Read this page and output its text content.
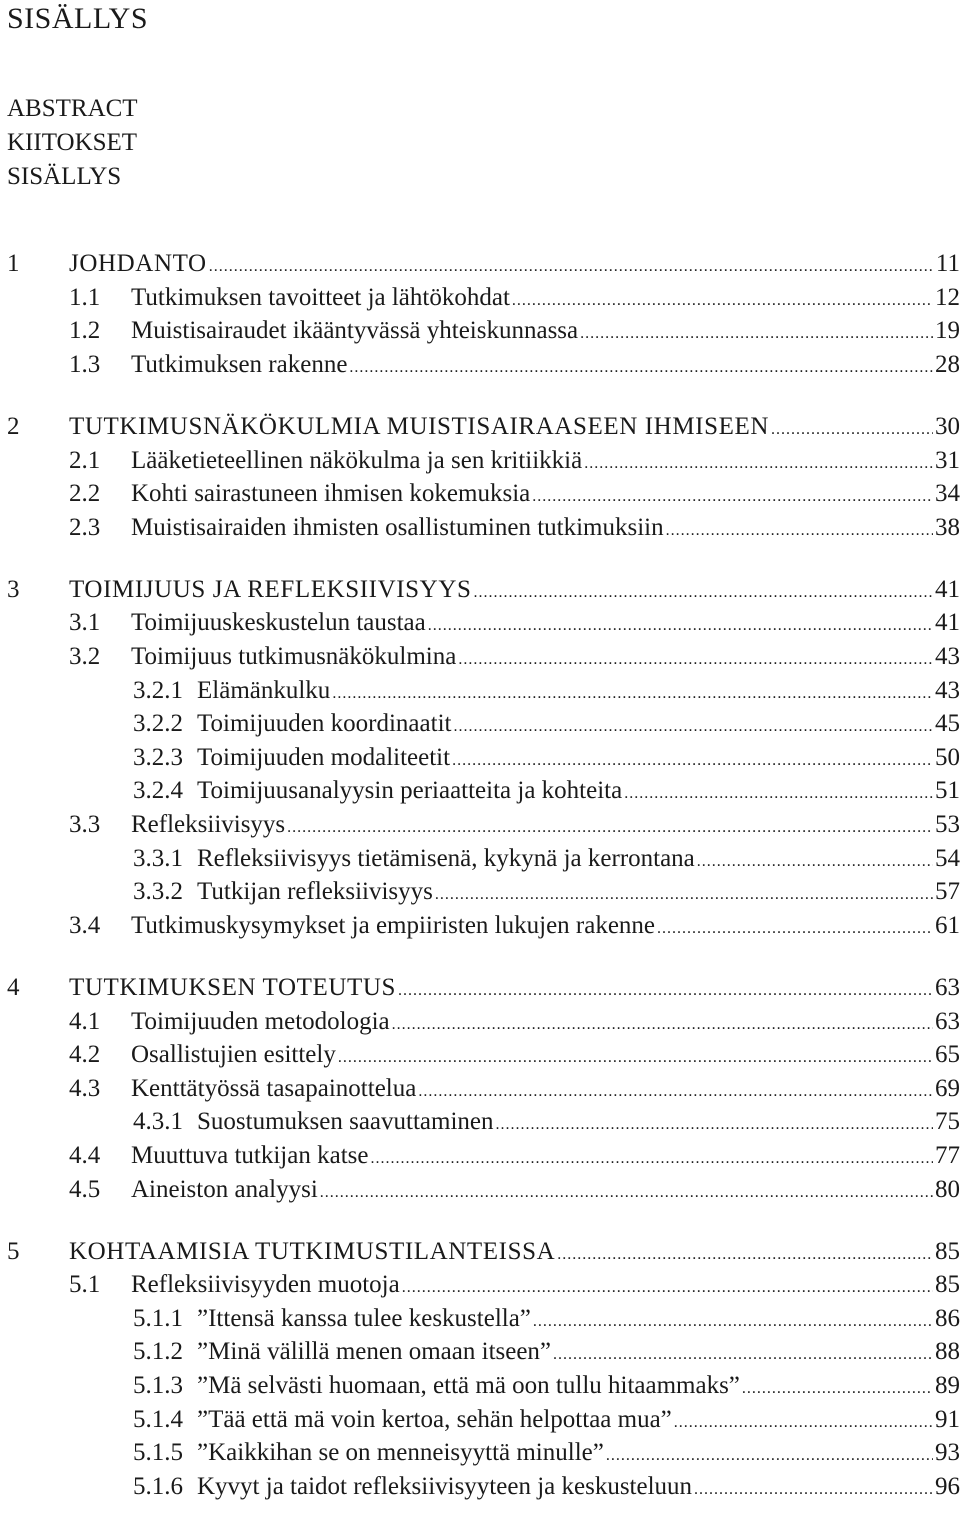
SISÄLLYS
ABSTRACT
KIITOKSET
SISÄLLYS
1	JOHDANTO .....	11
1.1	Tutkimuksen tavoitteet ja lähtökohdat .....	12
1.2	Muistisairaudet ikääntyvässä yhteiskunnassa .....	19
1.3	Tutkimuksen rakenne .....	28
2	TUTKIMUSNÄKÖKULMIA MUISTISAIRAASEEN IHMISEEN .....	30
2.1	Lääketieteellinen näkökulma ja sen kritiikkiä .....	31
2.2	Kohti sairastuneen ihmisen kokemuksia .....	34
2.3	Muistisairaiden ihmisten osallistuminen tutkimuksiin .....	38
3	TOIMIJUUS JA REFLEKSIIVISYYS .....	41
3.1	Toimijuuskeskustelun taustaa .....	41
3.2	Toimijuus tutkimusnäkökulmina .....	43
3.2.1 Elämänkulku .....	43
3.2.2 Toimijuuden koordinaatit .....	45
3.2.3 Toimijuuden modaliteetit .....	50
3.2.4 Toimijuusanalyysin periaatteita ja kohteita .....	51
3.3	Refleksiivisyys .....	53
3.3.1 Refleksiivisyys tietämisenä, kykynä ja kerrontana .....	54
3.3.2 Tutkijan refleksiivisyys .....	57
3.4	Tutkimuskysymykset ja empiiristen lukujen rakenne .....	61
4	TUTKIMUKSEN TOTEUTUS .....	63
4.1	Toimijuuden metodologia .....	63
4.2	Osallistujien esittely .....	65
4.3	Kenttätyössä tasapainottelua .....	69
4.3.1 Suostumuksen saavuttaminen .....	75
4.4	Muuttuva tutkijan katse .....	77
4.5	Aineiston analyysi .....	80
5	KOHTAAMISIA TUTKIMUSTILANTEISSA .....	85
5.1	Refleksiivisyyden muotoja .....	85
5.1.1 ”Ittensä kanssa tulee keskustella” .....	86
5.1.2 ”Minä välillä menen omaan itseen” .....	88
5.1.3 ”Mä selvästi huomaan, että mä oon tullu hitaammaks” .....	89
5.1.4 ”Tää että mä voin kertoa, sehän helpottaa mua” .....	91
5.1.5 ”Kaikkihan se on menneisyyttä minulle” .....	93
5.1.6 Kyvyt ja taidot refleksiivisyyteen ja keskusteluun .....	96
